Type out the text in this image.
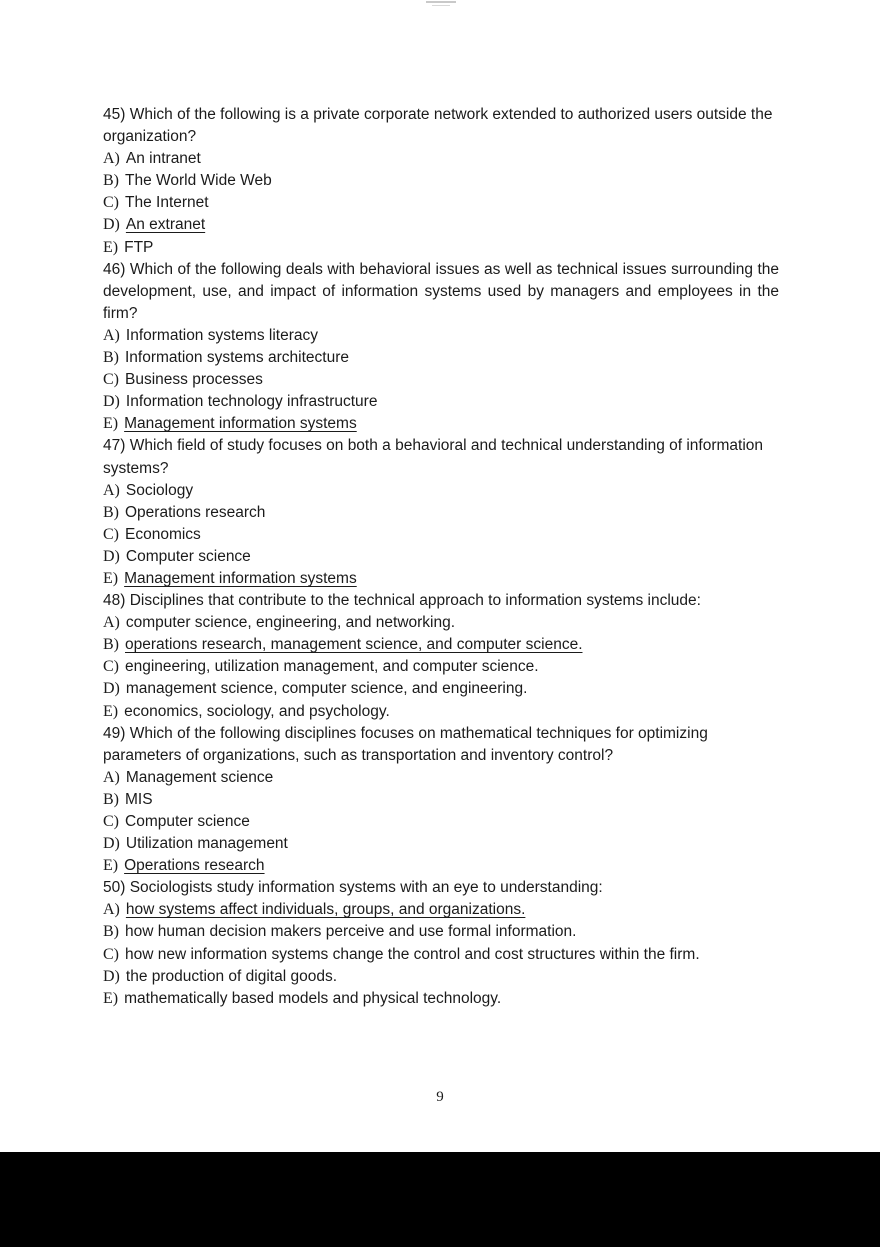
45) Which of the following is a private corporate network extended to authorized users outside the organization?

A) An intranet

B) The World Wide Web

C) The Internet

D) An extranet

E) FTP

46) Which of the following deals with behavioral issues as well as technical issues surrounding the development, use, and impact of information systems used by managers and employees in the firm?

A) Information systems literacy

B) Information systems architecture

C) Business processes

D) Information technology infrastructure

E) Management information systems

47) Which field of study focuses on both a behavioral and technical understanding of information systems?

A) Sociology

B) Operations research

C) Economics

D) Computer science

E) Management information systems

48) Disciplines that contribute to the technical approach to information systems include:

A) computer science, engineering, and networking.

B) operations research, management science, and computer science.

C) engineering, utilization management, and computer science.

D) management science, computer science, and engineering.

E) economics, sociology, and psychology.

49) Which of the following disciplines focuses on mathematical techniques for optimizing parameters of organizations, such as transportation and inventory control?

A) Management science

B) MIS

C) Computer science

D) Utilization management

E) Operations research

50) Sociologists study information systems with an eye to understanding:

A) how systems affect individuals, groups, and organizations.

B) how human decision makers perceive and use formal information.

C) how new information systems change the control and cost structures within the firm.

D) the production of digital goods.

E) mathematically based models and physical technology.

9
